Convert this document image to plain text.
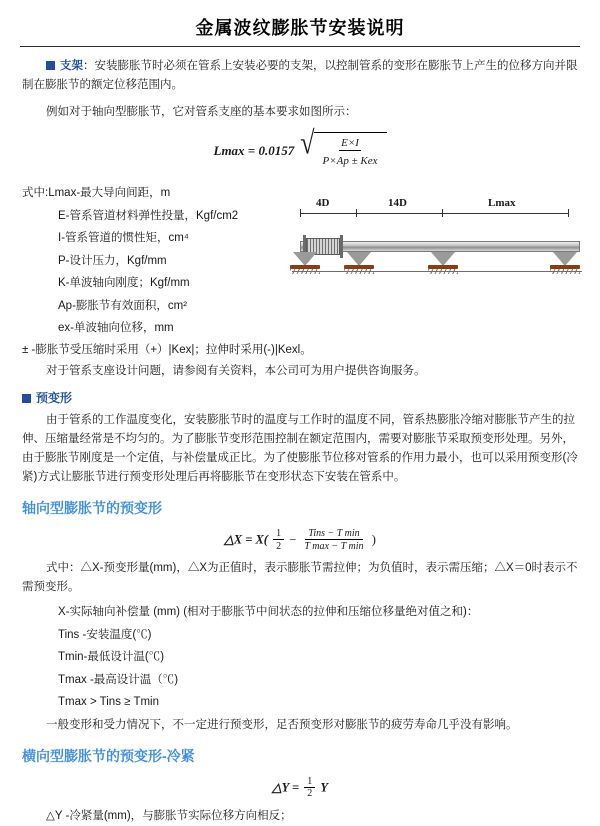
金属波纹膨胀节安装说明

支架：安装膨胀节时必须在管系上安装必要的支架，以控制管系的变形在膨胀节上产生的位移方向并限制在膨胀节的额定位移范围内。

例如对于轴向型膨胀节，它对管系支座的基本要求如图所示：

Lmax = 0.0157 √ $\frac{E\times I}{\text{P×Ap ± Kex}}$

式中:Lmax-最大导向间距，m

E-管系管道材料弹性投量，Kgf/cm2

I-管系管道的惯性矩，cm⁴

P-设计压力，Kgf/mm

K-单波轴向刚度；Kgf/mm

Ap-膨胀节有效面积，cm²

ex-单波轴向位移，mm

4D	14D	Lmax

± -膨胀节受压缩时采用（+）|Kex|；拉伸时采用(-)|Kexl。

对于管系支座设计问题，请参阅有关资料，本公司可为用户提供咨询服务。

预变形

由于管系的工作温度变化，安装膨胀节时的温度与工作时的温度不同，管系热膨胀冷缩对膨胀节产生的拉伸、压缩量经常是不均匀的。为了膨胀节变形范围控制在额定范围内，需要对膨胀节采取预变形处理。另外，由于膨胀节刚度是一个定值，与补偿量成正比。为了使膨胀节位移对管系的作用力最小，也可以采用预变形(冷紧)方式让膨胀节进行预变形处理后再将膨胀节在变形状态下安装在管系中。

轴向型膨胀节的预变形

△X = $X( \frac{1}{2}$ − Tins − T min
T max − T min )

式中：△X-预变形量(mm)，△X为正值时，表示膨胀节需拉伸；为负值时，表示需压缩；△X＝0时表示不需预变形。

X-实际轴向补偿量 (mm) (相对于膨胀节中间状态的拉伸和压缩位移量绝对值之和)：

Tins -安装温度(℃)

Tmin-最低设计温(℃)

Tmax -最高设计温（℃)

Tmax > Tins ≥ Tmin

一般变形和受力情况下，不一定进行预变形，足否预变形对膨胀节的疲劳寿命几乎没有影响。

横向型膨胀节的预变形-冷紧

△Y = $\frac{1}{2}$ Y

△Y -冷紧量(mm)，与膨胀节实际位移方向相反；
